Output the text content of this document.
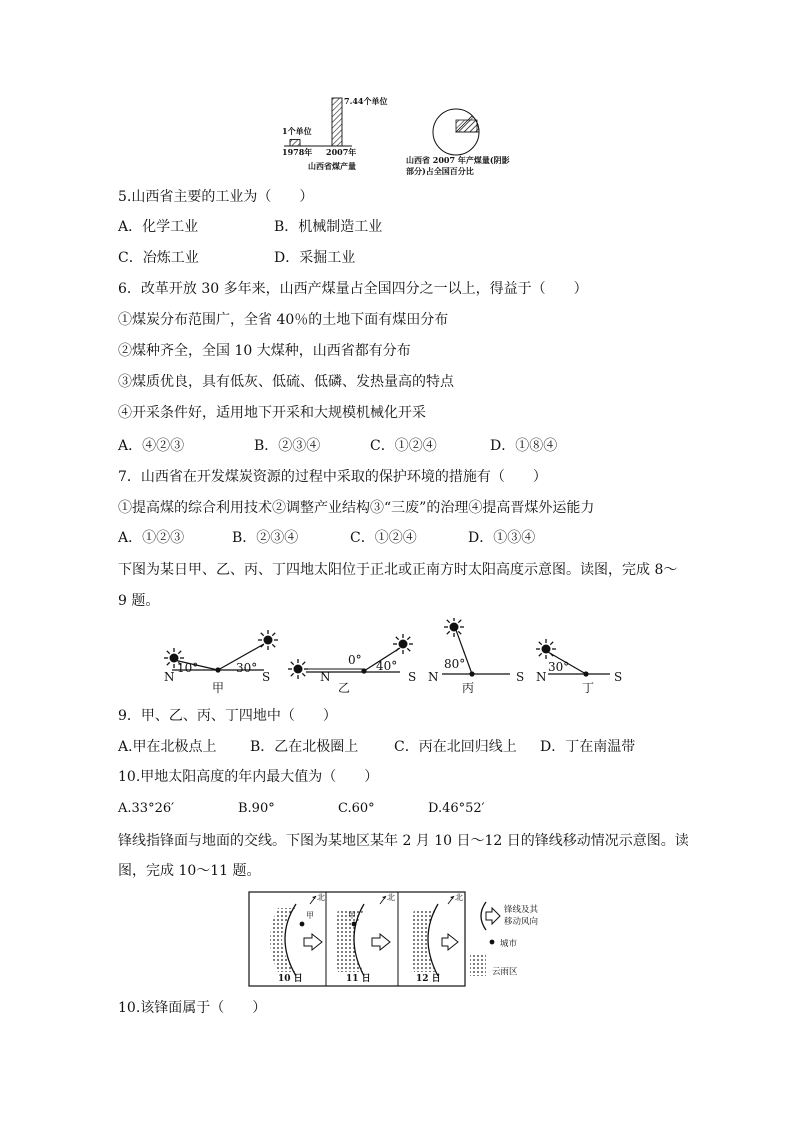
1个单位
7.44个单位
1978年 2007年
山西省煤产量
山西省 2007 年产煤量(阴影
部分)占全国百分比
5.山西省主要的工业为（　　）
A．化学工业	B．机械制造工业
C．冶炼工业	D．采掘工业
6．改革开放 30 多年来，山西产煤量占全国四分之一以上，得益于（　　）
①煤炭分布范围广，全省 40％的土地下面有煤田分布
②煤种齐全，全国 10 大煤种，山西省都有分布
③煤质优良，具有低灰、低硫、低磷、发热量高的特点
④开采条件好，适用地下开采和大规模机械化开采
A．④②③	B．②③④	C．①②④	D．①⑧④
7．山西省在开发煤炭资源的过程中采取的保护环境的措施有（　　）
①提高煤的综合利用技术②调整产业结构③“三废”的治理④提高晋煤外运能力
A．①②③	B．②③④	C．①②④	D．①③④
下图为某日甲、乙、丙、丁四地太阳位于正北或正南方时太阳高度示意图。读图，完成 8～
9 题。
N	S
10°	30°
甲
N	S
0° 40°
乙
N	S
80°
丙
N	S
30°
丁
9．甲、乙、丙、丁四地中（　　）
A.甲在北极点上 B．乙在北极圈上	C．丙在北回归线上 D．丁在南温带
10.甲地太阳高度的年内最大值为（　　）
A.33°26′	B.90°	C.60°	D.46°52′
锋线指锋面与地面的交线。下图为某地区某年 2 月 10 日～12 日的锋线移动情况示意图。读
图，完成 10～11 题。
甲
北
10 日
甲
北
11 日
北
12 日
锋线及其
移动风向
城市
云雨区
10.该锋面属于（　　）
